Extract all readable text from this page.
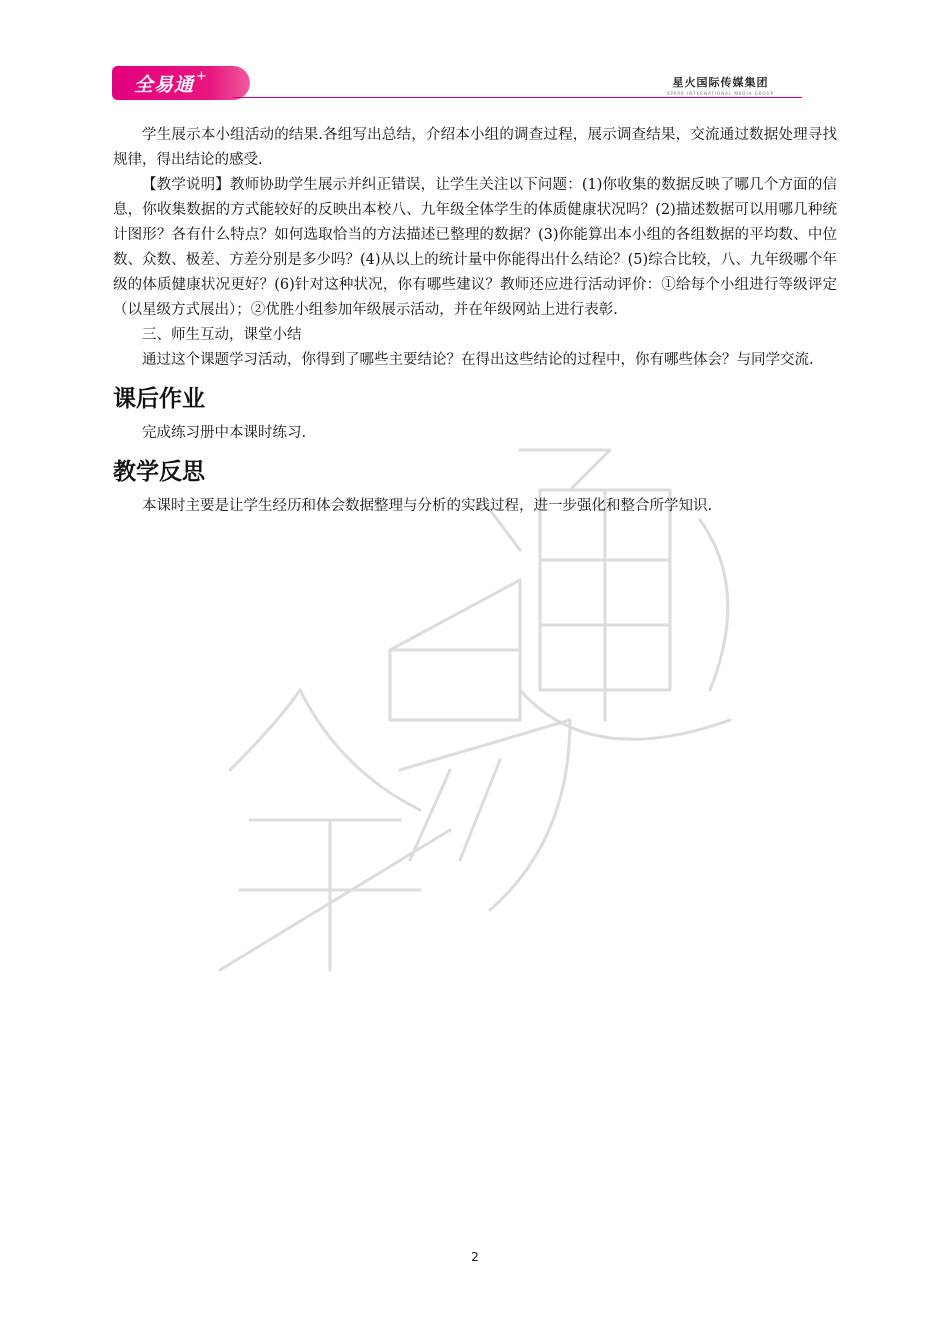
全易通 +	星火国际传媒集团
SPARK INTERNATIONAL MEDIA GROUP

学生展示本小组活动的结果.各组写出总结，介绍本小组的调查过程，展示调查结果，交流通过数据处理寻找规律，得出结论的感受.

【教学说明】教师协助学生展示并纠正错误，让学生关注以下问题：(1)你收集的数据反映了哪几个方面的信息，你收集数据的方式能较好的反映出本校八、九年级全体学生的体质健康状况吗？(2)描述数据可以用哪几种统计图形？各有什么特点？如何选取恰当的方法描述已整理的数据？(3)你能算出本小组的各组数据的平均数、中位数、众数、极差、方差分别是多少吗？(4)从以上的统计量中你能得出什么结论？(5)综合比较，八、九年级哪个年级的体质健康状况更好？(6)针对这种状况，你有哪些建议？教师还应进行活动评价：①给每个小组进行等级评定（以星级方式展出）；②优胜小组参加年级展示活动，并在年级网站上进行表彰.

三、师生互动，课堂小结

通过这个课题学习活动，你得到了哪些主要结论？在得出这些结论的过程中，你有哪些体会？与同学交流.

课后作业

完成练习册中本课时练习.

教学反思

本课时主要是让学生经历和体会数据整理与分析的实践过程，进一步强化和整合所学知识.

2
